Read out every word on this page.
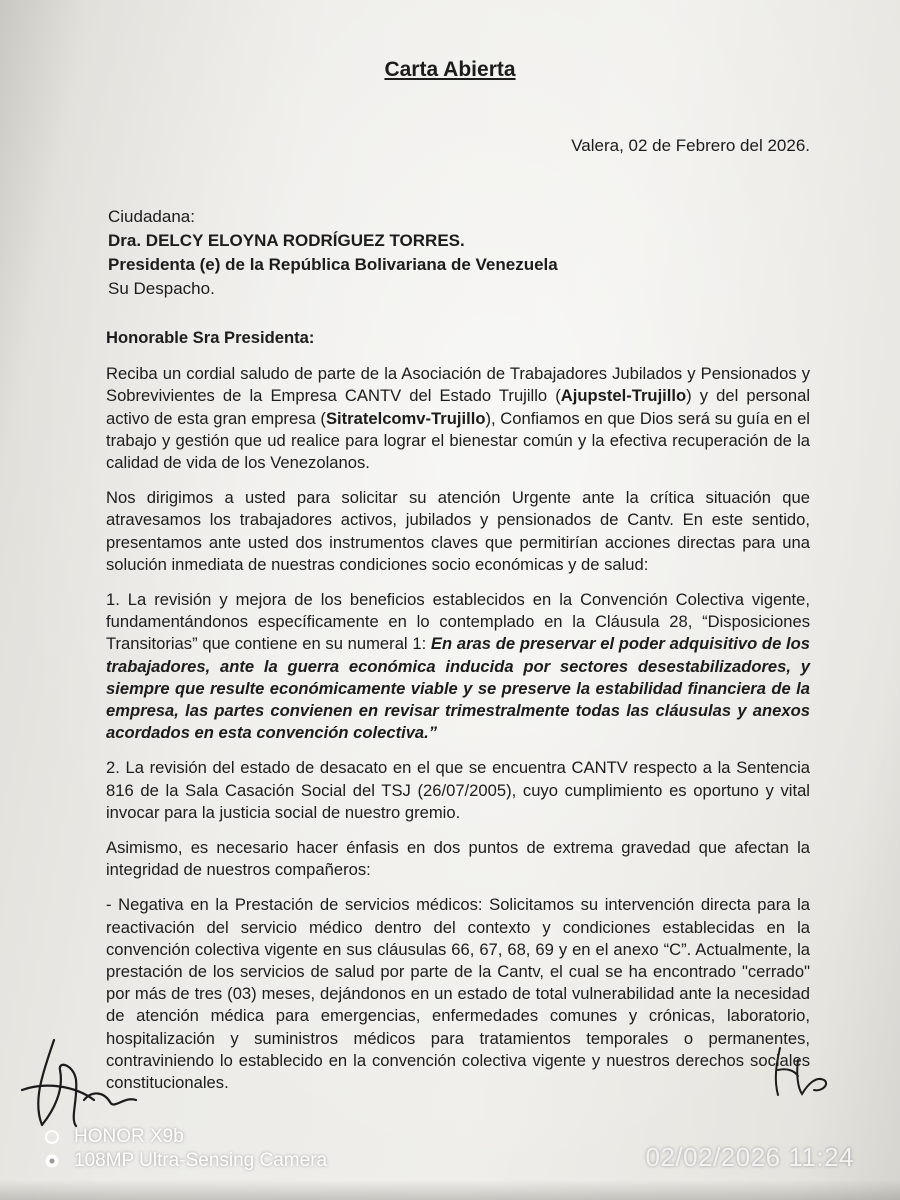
Carta Abierta
Valera, 02 de Febrero del 2026.
Ciudadana:
Dra. DELCY ELOYNA RODRÍGUEZ TORRES.
Presidenta (e) de la República Bolivariana de Venezuela
Su Despacho.

Honorable Sra Presidenta:

Reciba un cordial saludo de parte de la Asociación de Trabajadores Jubilados y Pensionados y Sobrevivientes de la Empresa CANTV del Estado Trujillo (Ajupstel-Trujillo) y del personal activo de esta gran empresa (Sitratelcomv-Trujillo), Confiamos en que Dios será su guía en el trabajo y gestión que ud realice para lograr el bienestar común y la efectiva recuperación de la calidad de vida de los Venezolanos.

Nos dirigimos a usted para solicitar su atención Urgente ante la crítica situación que atravesamos los trabajadores activos, jubilados y pensionados de Cantv. En este sentido, presentamos ante usted dos instrumentos claves que permitirían acciones directas para una solución inmediata de nuestras condiciones socio económicas y de salud:

1. La revisión y mejora de los beneficios establecidos en la Convención Colectiva vigente, fundamentándonos específicamente en lo contemplado en la Cláusula 28, “Disposiciones Transitorias” que contiene en su numeral 1: En aras de preservar el poder adquisitivo de los trabajadores, ante la guerra económica inducida por sectores desestabilizadores, y siempre que resulte económicamente viable y se preserve la estabilidad financiera de la empresa, las partes convienen en revisar trimestralmente todas las cláusulas y anexos acordados en esta convención colectiva.”

2. La revisión del estado de desacato en el que se encuentra CANTV respecto a la Sentencia 816 de la Sala Casación Social del TSJ (26/07/2005), cuyo cumplimiento es oportuno y vital invocar para la justicia social de nuestro gremio.

Asimismo, es necesario hacer énfasis en dos puntos de extrema gravedad que afectan la integridad de nuestros compañeros:

- Negativa en la Prestación de servicios médicos: Solicitamos su intervención directa para la reactivación del servicio médico dentro del contexto y condiciones establecidas en la convención colectiva vigente en sus cláusulas 66, 67, 68, 69 y en el anexo “C”. Actualmente, la prestación de los servicios de salud por parte de la Cantv, el cual se ha encontrado "cerrado" por más de tres (03) meses, dejándonos en un estado de total vulnerabilidad ante la necesidad de atención médica para emergencias, enfermedades comunes y crónicas, laboratorio, hospitalización y suministros médicos para tratamientos temporales o permanentes, contraviniendo lo establecido en la convención colectiva vigente y nuestros derechos sociales constitucionales.

HONOR X9b
108MP Ultra-Sensing Camera	02/02/2026 11:24
